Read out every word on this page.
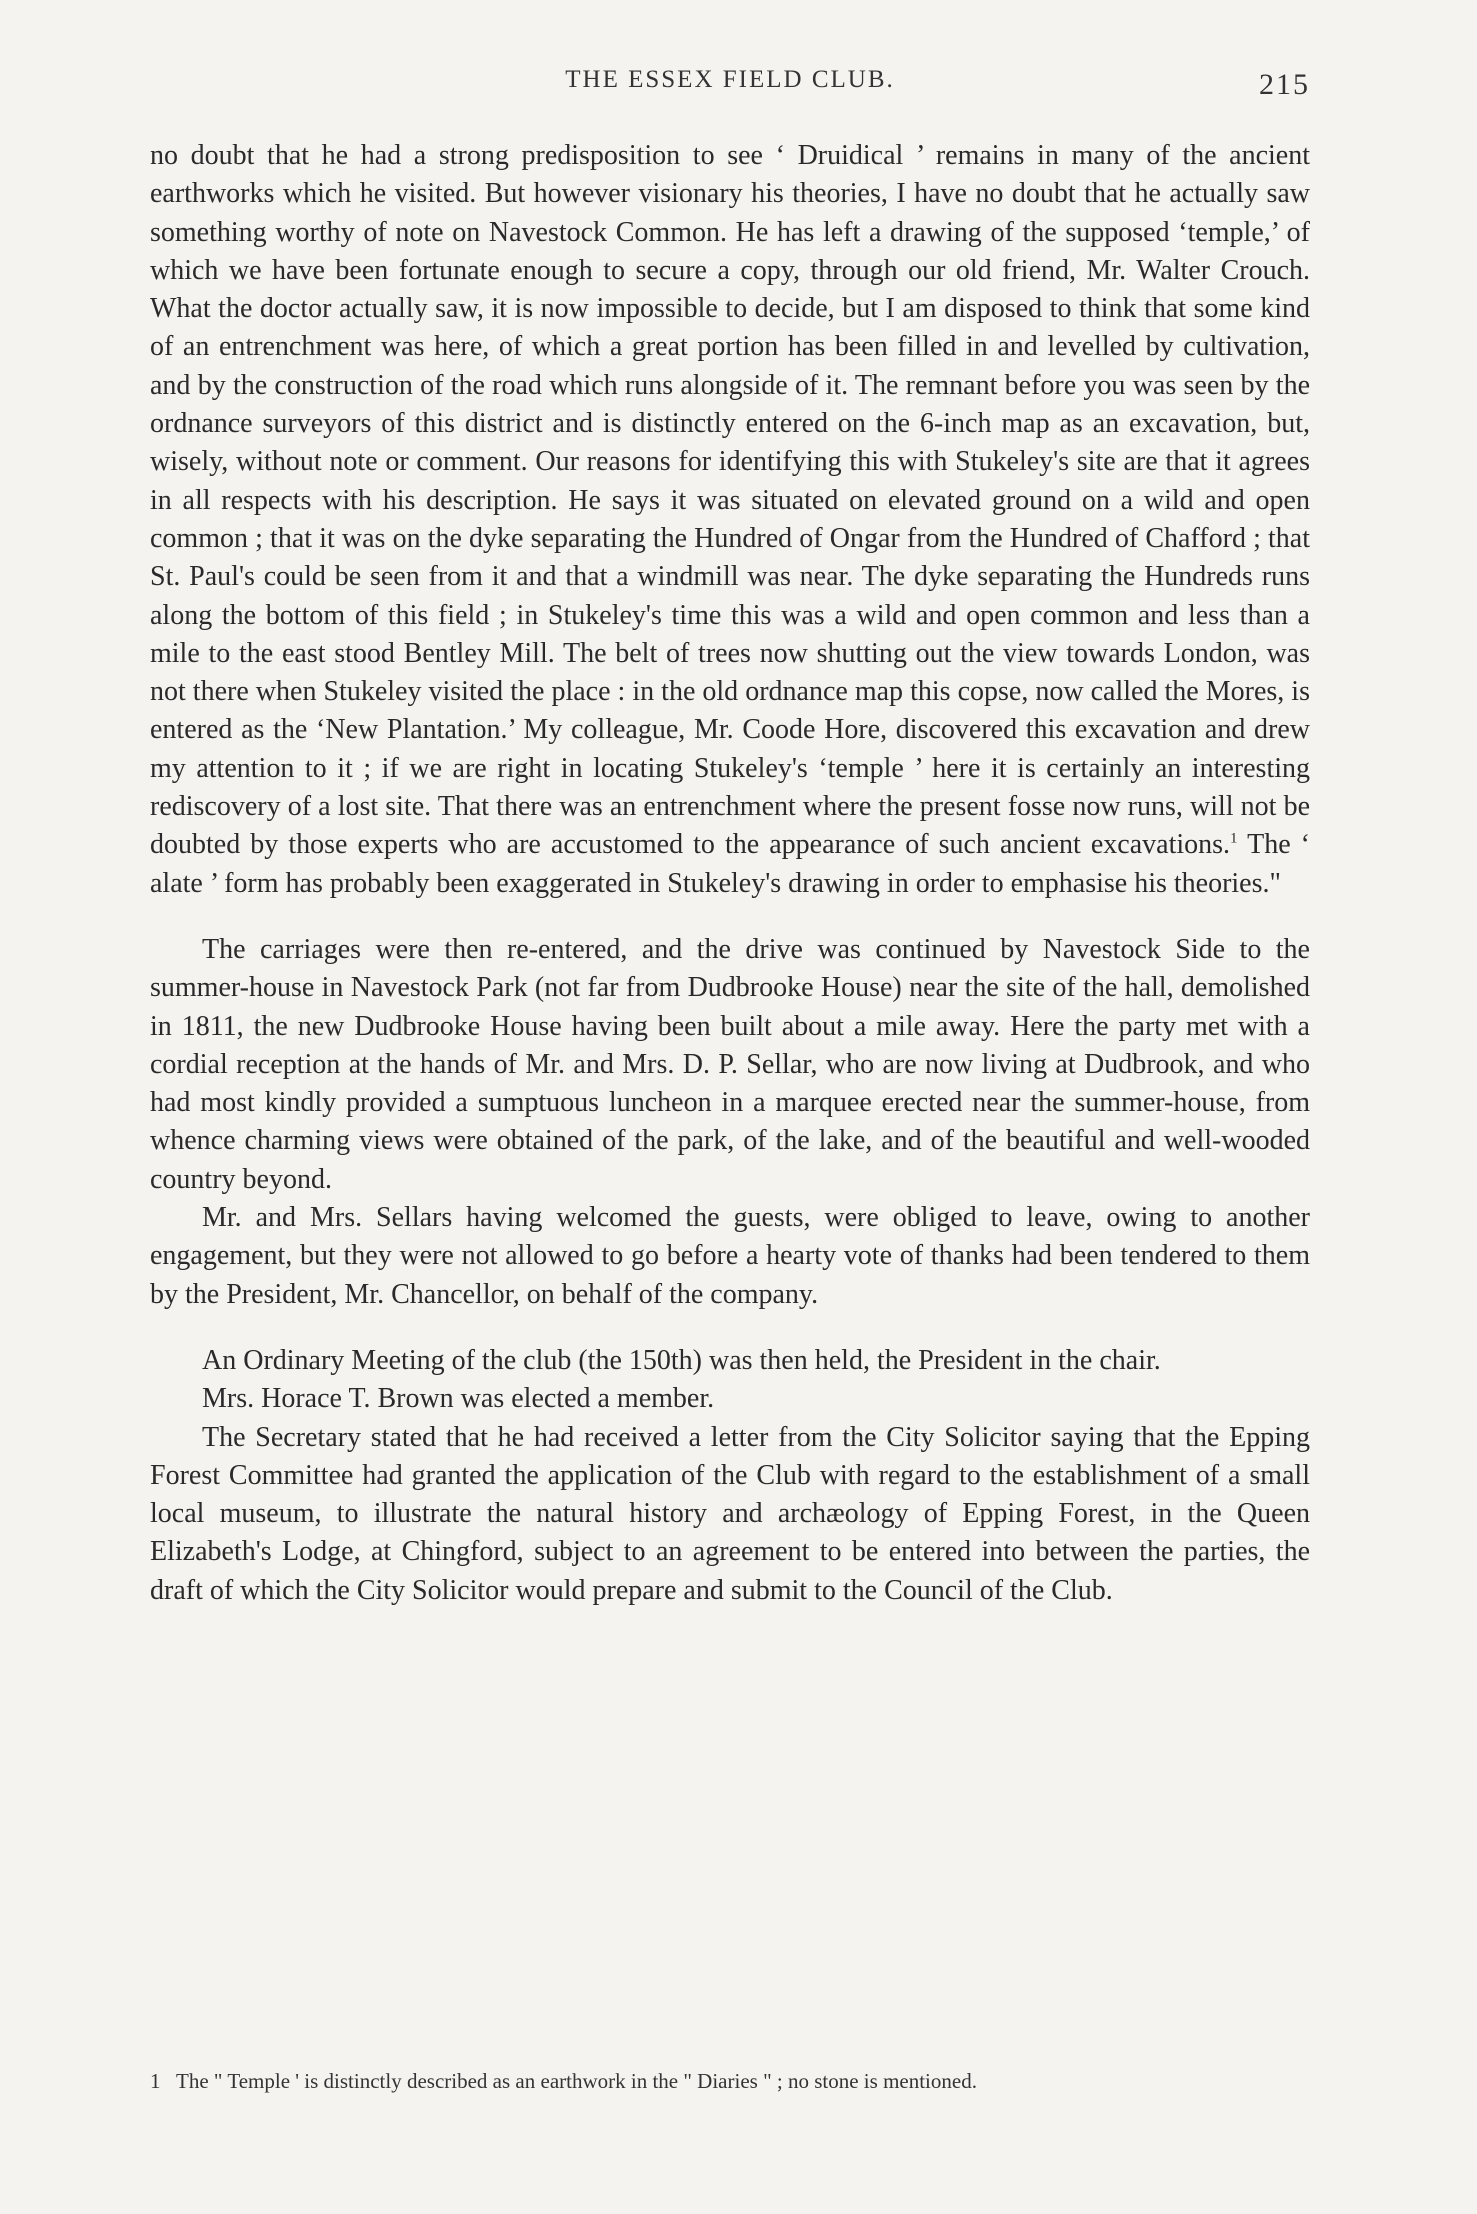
THE ESSEX FIELD CLUB.	215

no doubt that he had a strong predisposition to see ‘ Druidical ’ remains in many of the ancient earthworks which he visited. But however visionary his theories, I have no doubt that he actually saw something worthy of note on Navestock Common. He has left a drawing of the supposed ‘temple,’ of which we have been fortunate enough to secure a copy, through our old friend, Mr. Walter Crouch. What the doctor actually saw, it is now impossible to decide, but I am disposed to think that some kind of an entrenchment was here, of which a great portion has been filled in and levelled by cultivation, and by the construction of the road which runs alongside of it. The remnant before you was seen by the ordnance surveyors of this district and is distinctly entered on the 6-inch map as an excavation, but, wisely, without note or comment. Our reasons for identifying this with Stukeley's site are that it agrees in all respects with his description. He says it was situated on elevated ground on a wild and open common ; that it was on the dyke separating the Hundred of Ongar from the Hundred of Chafford ; that St. Paul's could be seen from it and that a windmill was near. The dyke separating the Hundreds runs along the bottom of this field ; in Stukeley's time this was a wild and open common and less than a mile to the east stood Bentley Mill. The belt of trees now shutting out the view towards London, was not there when Stukeley visited the place : in the old ordnance map this copse, now called the Mores, is entered as the ‘New Plantation.’ My colleague, Mr. Coode Hore, discovered this excavation and drew my attention to it ; if we are right in locating Stukeley's ‘temple ’ here it is certainly an interesting rediscovery of a lost site. That there was an entrenchment where the present fosse now runs, will not be doubted by those experts who are accustomed to the appearance of such ancient excavations.$^1$ The ‘ alate ’ form has probably been exaggerated in Stukeley's drawing in order to emphasise his theories."

The carriages were then re-entered, and the drive was continued by Navestock Side to the summer-house in Navestock Park (not far from Dudbrooke House) near the site of the hall, demolished in 1811, the new Dudbrooke House having been built about a mile away. Here the party met with a cordial reception at the hands of Mr. and Mrs. D. P. Sellar, who are now living at Dudbrook, and who had most kindly provided a sumptuous luncheon in a marquee erected near the summer-house, from whence charming views were obtained of the park, of the lake, and of the beautiful and well-wooded country beyond.

Mr. and Mrs. Sellars having welcomed the guests, were obliged to leave, owing to another engagement, but they were not allowed to go before a hearty vote of thanks had been tendered to them by the President, Mr. Chancellor, on behalf of the company.

An Ordinary Meeting of the club (the 150th) was then held, the President in the chair.

Mrs. Horace T. Brown was elected a member.

The Secretary stated that he had received a letter from the City Solicitor saying that the Epping Forest Committee had granted the application of the Club with regard to the establishment of a small local museum, to illustrate the natural history and archæology of Epping Forest, in the Queen Elizabeth's Lodge, at Chingford, subject to an agreement to be entered into between the parties, the draft of which the City Solicitor would prepare and submit to the Council of the Club.

1 The " Temple ' is distinctly described as an earthwork in the " Diaries " ; no stone is mentioned.
